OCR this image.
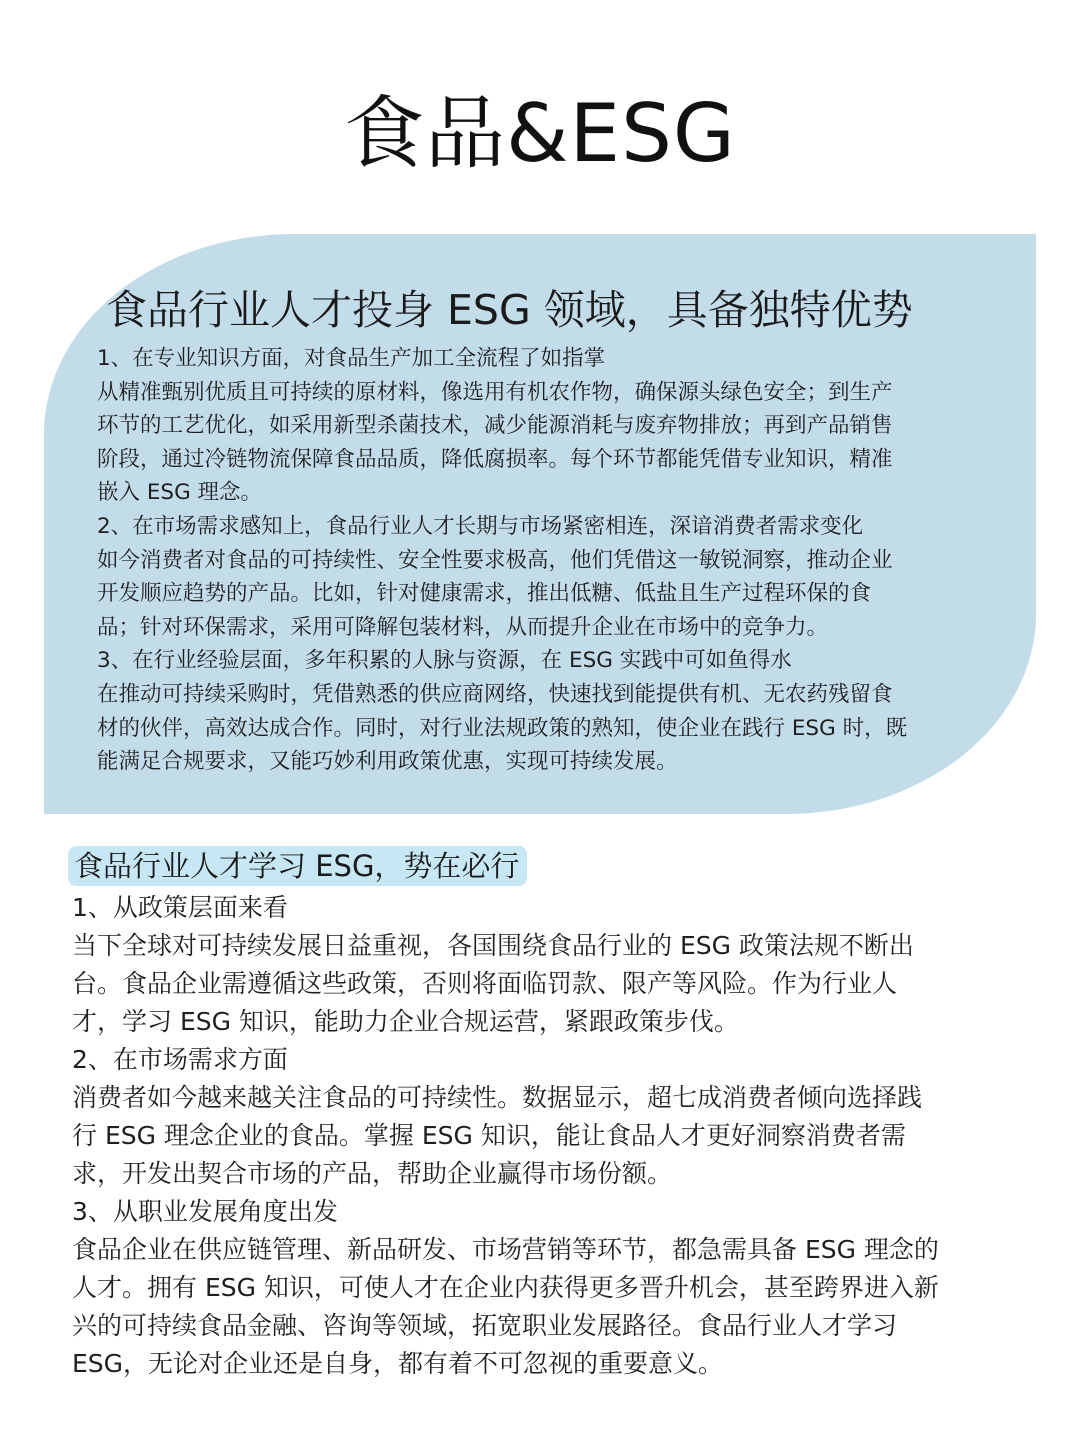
食品&ESG
食品行业人才投身 ESG 领域，具备独特优势
1、在专业知识方面，对食品生产加工全流程了如指掌
从精准甄别优质且可持续的原材料，像选用有机农作物，确保源头绿色安全；到生产
环节的工艺优化，如采用新型杀菌技术，减少能源消耗与废弃物排放；再到产品销售
阶段，通过冷链物流保障食品品质，降低腐损率。每个环节都能凭借专业知识，精准
嵌入 ESG 理念。
2、在市场需求感知上，食品行业人才长期与市场紧密相连，深谙消费者需求变化
如今消费者对食品的可持续性、安全性要求极高，他们凭借这一敏锐洞察，推动企业
开发顺应趋势的产品。比如，针对健康需求，推出低糖、低盐且生产过程环保的食
品；针对环保需求，采用可降解包装材料，从而提升企业在市场中的竞争力。
3、在行业经验层面，多年积累的人脉与资源，在 ESG 实践中可如鱼得水
在推动可持续采购时，凭借熟悉的供应商网络，快速找到能提供有机、无农药残留食
材的伙伴，高效达成合作。同时，对行业法规政策的熟知，使企业在践行 ESG 时，既
能满足合规要求，又能巧妙利用政策优惠，实现可持续发展。
食品行业人才学习 ESG，势在必行
1、从政策层面来看
当下全球对可持续发展日益重视，各国围绕食品行业的 ESG 政策法规不断出
台。食品企业需遵循这些政策，否则将面临罚款、限产等风险。作为行业人
才，学习 ESG 知识，能助力企业合规运营，紧跟政策步伐。
2、在市场需求方面
消费者如今越来越关注食品的可持续性。数据显示，超七成消费者倾向选择践
行 ESG 理念企业的食品。掌握 ESG 知识，能让食品人才更好洞察消费者需
求，开发出契合市场的产品，帮助企业赢得市场份额。
3、从职业发展角度出发
食品企业在供应链管理、新品研发、市场营销等环节，都急需具备 ESG 理念的
人才。拥有 ESG 知识，可使人才在企业内获得更多晋升机会，甚至跨界进入新
兴的可持续食品金融、咨询等领域，拓宽职业发展路径。食品行业人才学习
ESG，无论对企业还是自身，都有着不可忽视的重要意义。
